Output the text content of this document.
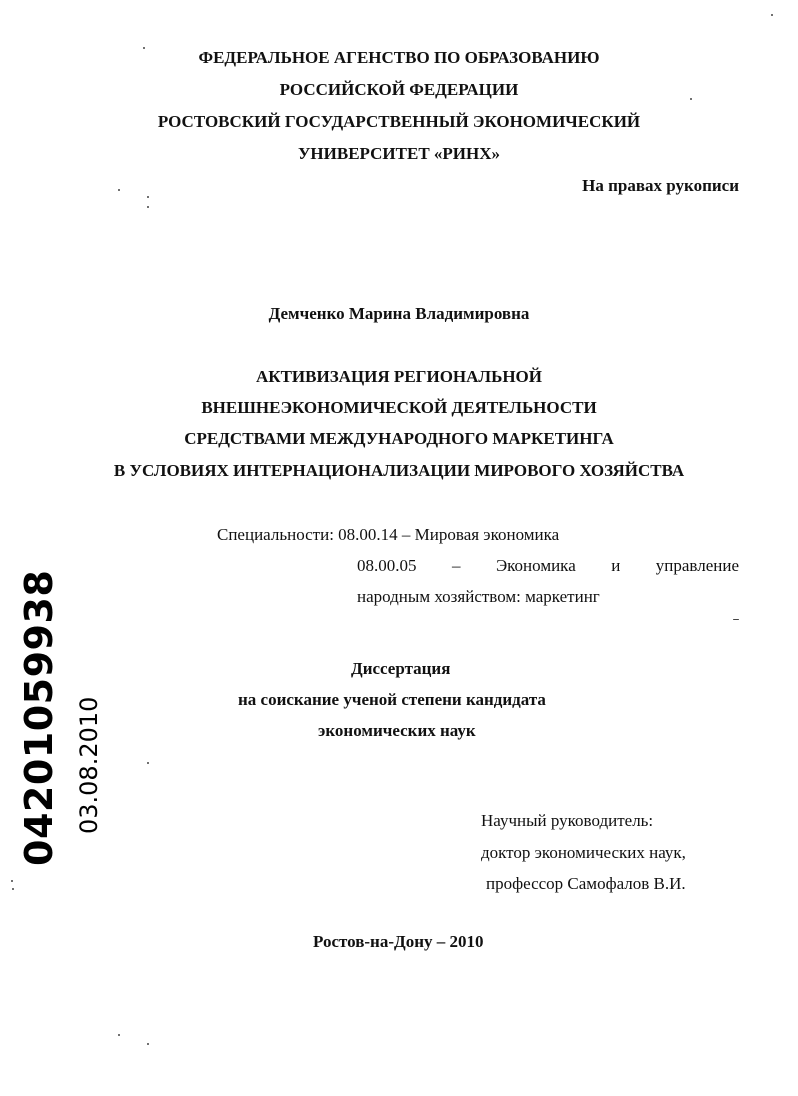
ФЕДЕРАЛЬНОЕ АГЕНСТВО ПО ОБРАЗОВАНИЮ
РОССИЙСКОЙ ФЕДЕРАЦИИ
РОСТОВСКИЙ ГОСУДАРСТВЕННЫЙ ЭКОНОМИЧЕСКИЙ
УНИВЕРСИТЕТ «РИНХ»
На правах рукописи
Демченко Марина Владимировна
АКТИВИЗАЦИЯ РЕГИОНАЛЬНОЙ
ВНЕШНЕЭКОНОМИЧЕСКОЙ ДЕЯТЕЛЬНОСТИ
СРЕДСТВАМИ МЕЖДУНАРОДНОГО МАРКЕТИНГА
В УСЛОВИЯХ ИНТЕРНАЦИОНАЛИЗАЦИИ МИРОВОГО ХОЗЯЙСТВА
Специальности: 08.00.14 – Мировая экономика
08.00.05 – Экономика и управление
народным хозяйством: маркетинг
Диссертация
на соискание ученой степени кандидата
экономических наук
Научный руководитель:
доктор экономических наук,
профессор Самофалов В.И.
Ростов-на-Дону – 2010
04201059938 03.08.2010
